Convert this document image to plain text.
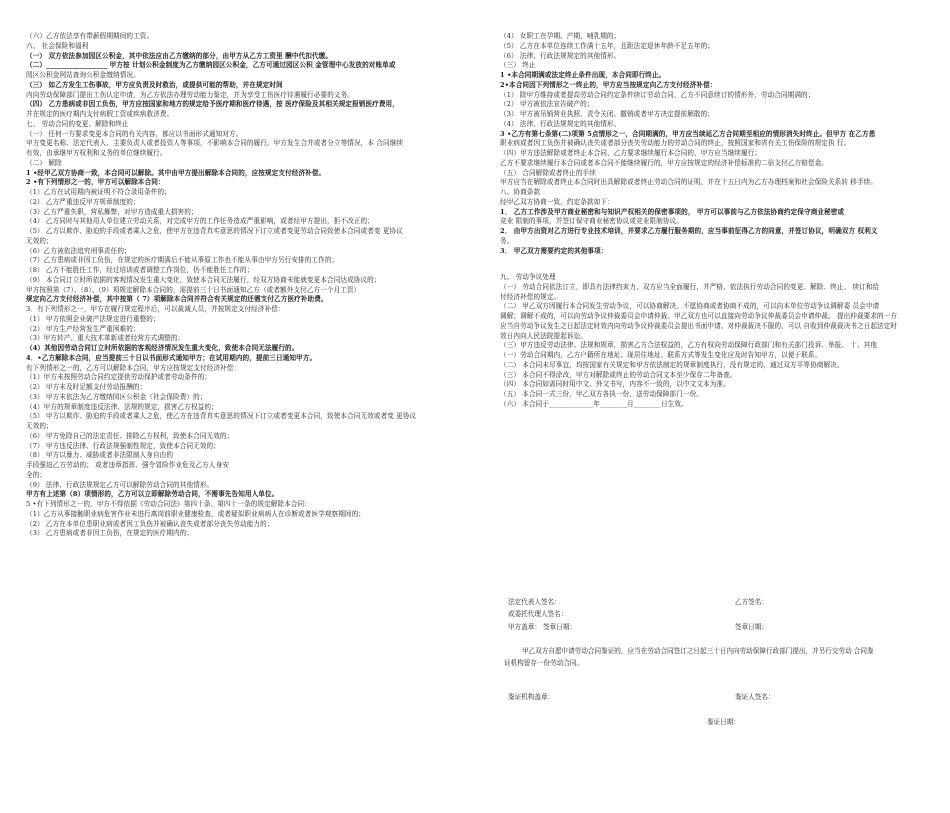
（六）乙方依法享有带薪假期期间的工资。
六、 社会保险和福利
（一） 双方依法参加园区公积金，其中依法应由乙方缴纳的部分，由甲方从乙方工资里 酬中代扣代缴。
（二）__________________ 甲方按 计划公积金制度为乙方缴纳园区公积金，乙方可通过园区公积 金管理中心发放的对账单或
园区公积金网站查询公积金缴纳情况。
（三） 如乙方发生工伤事故，甲方应负责及时救治，或提供可能的帮助，并在规定时间
内向劳动保障部门提出工伤认定申请，为乙方依法办理劳动能力鉴定，并为享受工伤医疗待遇履行必要的义务。
（四） 乙方患病或非因工负伤，甲方应按国家和地方的规定给予医疗期和医疗待遇，按 医疗保险及其相关规定报销医疗费用，
并在规定的医疗期内支付病假工资或疾病救济费。
七、 劳动合同的变更、解除和终止
（一） 任何一方要求变更本合同的有关内容，都应以书面形式通知对方。
甲方变更名称、法定代表人、主要负责人或者投资人等事项，不影响本合同的履行。甲方发生合并或者分立等情况，本 合同继续
有效，由承继甲方权利和义务的单位继续履行。
（二） 解除
1 •经甲乙双方协商一致，本合同可以解除。其中由甲方提出解除本合同的，应按规定支付经济补偿。
2 •有下列情形之一的，甲方可以解除本合同：
（1）乙方在试用期内被证明不符合录用条件的；
（2） 乙方严重违反甲方规章制度的；
（3）乙方严重失职，营私舞弊，对甲方造成重大损害的；
（4） 乙方同时与其他用人单位建立劳动关系，对完成甲方的工作任务造成严重影响，或者经甲方提出，拒不改正的；
（5） 乙方以欺诈、胁迫的手段或者乘人之危，使甲方在违背真实意思的情况下订立或者变更劳动合同致使本合同或者变 更协议
无效的；
（6）乙方被依法追究刑事责任的；
（7）乙方患病或非因工负伤，在规定的医疗期满后不能从事原工作也不能从事由甲方另行安排的工作的；
（8） 乙方不能胜任工作，经过培训或者调整工作岗位，仍不能胜任工作的；
（9） 本合同订立时所依据的客观情况发生重大变化，致使本合同无法履行，经双方协商未能就变更本合同达成协议的；
甲方按照第（7）、（8）、（9）项规定解除本合同的，需提前三十日书面通知乙方（或者额外支付乙方一个月工资）
规定向乙方支付经济补偿，其中按第（ 7）项解除本合同并符合有关规定的还需支付乙方医疗补助费。
3．有下列情形之一，甲方在履行规定程序后，可以裁减人员，并按规定支付经济补偿：
（1） 甲方依照企业破产法规定进行重整的；
（2） 甲方生产经营发生严重困难的；
（3）甲方转产、重大技术革新或者经营方式调整的；
（4）其他因劳动合同订立时所依据的客观经济情况发生重大变化，致使本合同无法履行的。
4．•乙方解除本合同，应当提前三十日以书面形式通知甲方；在试用期内的，提前三日通知甲方。
有下列情形之一的，乙方可以解除本合同，甲方应按规定支付经济补偿：
（1）甲方未按照劳动合同约定提供劳动保护或者劳动条件的；
（2） 甲方未及时足额支付劳动报酬的；
（3） 甲方未依法为乙方缴纳园区公积金（社会保险费）的；
（4）甲方的规章制度违反法律、法规的规定，损害乙方权益的；
（5） 甲方以欺诈、胁迫的手段或者乘人之危，使乙方在违背真实意思的情况下订立或者变更本合同，致使本合同无效或者变 更协议
无效的；
（6） 甲方免除自己的法定责任、排除乙方权利，致使本合同无效的；
（7） 甲方违反法律、行政法规强制性规定，致使本合同无效的；
（8） 甲方以暴力、威胁或者非法限制人身自由的
手段强迫乙方劳动的； 或者违章指挥、强令冒险作业危及乙方人身安
全的；
（9） 法律、行政法规规定乙方可以解除劳动合同的其他情形。
甲方有上述第（8）项情形的，乙方可以立即解除劳动合同，不需事先告知用人单位。
5 •有下列情形之一的，甲方不得依据《劳动合同法》第四十条、第四十一条的规定解除本合同：
（1）乙方从事接触职业病危害作业未进行离岗前职业健康检查，或者疑似职业病病人在诊断或者医学观察期间的；
（2） 乙方在本单位患职业病或者因工负伤并被确认丧失或者部分丧失劳动能力的；
（3） 乙方患病或者非因工负伤，在规定的医疗期内的；
（4） 女职工在孕期、产期、哺乳期的；
（5） 乙方在本单位连续工作满十五年，且距法定退休年龄不足五年的；
（6） 法律、行政法规规定的其他情形。
（三） 终止
1 •本合同期满或法定终止条件出现，本合同即行终止。
2•本合同因下列情形之一终止的，甲方应当按规定向乙方支付经济补偿：
（1） 除甲方维持或者提高劳动合同约定条件续订劳动合同，乙方不同意续订的情形外，劳动合同期满的；
（2） 甲方被依法宣告破产的；
（3） 甲方被吊销营业执照、责令关闭、撤销或者甲方决定提前解散的；
（4） 法律、行政法规规定的其他情形。
3 •乙方有第七条第(二)项第 5点情形之一，合同期满的，甲方应当续延乙方合同期至相应的情形消失时终止。但甲方 在乙方患
职业病或者因工负伤并被确认丧失或者部分丧失劳动能力的劳动合同的终止，按照国家和省有关工伤保险的规定执 行。
（四）甲方违法解除或者终止本合同，乙方要求继续履行本合同的，甲方应当继续履行；
乙方不要求继续履行本合同或者本合同不能继续履行的，甲方应按规定的经济补偿标准的二倍支付乙方赔偿金。
（五） 合同解除或者终止的手续
甲方应当在解除或者终止本合同时出具解除或者终止劳动合同的证明，并在十五日内为乙方办理档案和社会保险关系转 移手续。
八、协商条款
经甲乙双方协商一致，约定条款如下：
1． 乙方工作涉及甲方商业秘密和与知识产权相关的保密事项的， 甲方可以事前与乙方依法协商约定保守商业秘密或
竞业 限制的事项，并签订保守商业秘密协议或竞业限制协议。
2． 由甲方出资对乙方进行专业技术培训，并要求乙方履行服务期的，应当事前征得乙方的同意，并签订协议，明确双方 权利义
务。
3． 甲乙双方需要约定的其他事项：
九、 劳动争议处理
（一） 劳动合同依法订立，即具有法律约束力，双方应当全面履行，并严格、依法执行劳动合同的变更、解除、终止、 续订和给
付经济补偿的规定。
（二） 甲乙双方因履行本合同发生劳动争议，可以协商解决。不愿协商或者协商不成的，可以向本单位劳动争议调解委 员会申请
调解；调解不成的，可以向劳动争议仲裁委员会申请仲裁。甲乙双方也可以直接向劳动争议仲裁委员会申请仲裁。 提出仲裁要求的一方
应当自劳动争议发生之日起法定时效内向劳动争议仲裁委员会提出书面申请。对仲裁裁决不服的，可以 自收到仲裁裁决书之日起法定时
效日内向人民法院提起诉讼。
（三）甲方违反劳动法律、法规和规章，损害乙方合法权益的，乙方有权向劳动保障行政部门和有关部门投诉、举报。 十、其他
（一）劳动合同期内，乙方户籍所在地址、现居住地址、联系方式等发生变化应及时告知甲方，以便于联系。
（二） 本合同未尽事宜，均按国家有关规定和甲方依法制定的规章制度执行，没有规定的，通过双方平等协商解决。
（三） 本合同不得涂改，甲方对解除或终止的劳动合同文本至少保存二年备查。
（四） 本合同如需同时用中文、外文书写，内容不一致的，以中文文本为准。
（五） 本合同一式三份，甲乙双方各执一份，送劳动保障部门一份。
（六） 本合同于_____________年________月________日生效。
法定代表人签名：	乙方签名：
或委托代理人签名：
甲方盖章： 签章日期：	签章日期：
甲乙双方自愿申请劳动合同鉴证的，应当在劳动合同签订之日起三十日内向劳动保障行政部门提出，并另行交劳动 合同鉴
证机构留存一份劳动合同。
鉴证机构盖章：	鉴证人签名：
鉴证日期：
